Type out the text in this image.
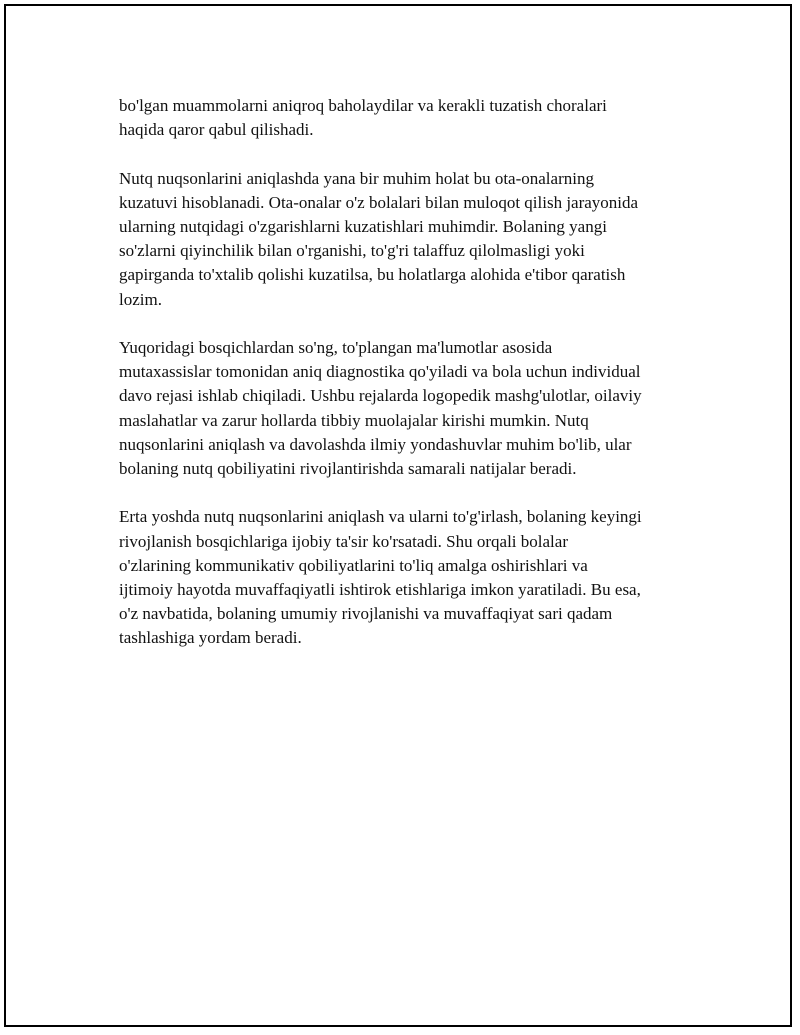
bo'lgan muammolarni aniqroq baholaydilar va kerakli tuzatish choralari
haqida qaror qabul qilishadi.

Nutq nuqsonlarini aniqlashda yana bir muhim holat bu ota-onalarning
kuzatuvi hisoblanadi. Ota-onalar o'z bolalari bilan muloqot qilish jarayonida
ularning nutqidagi o'zgarishlarni kuzatishlari muhimdir. Bolaning yangi
so'zlarni qiyinchilik bilan o'rganishi, to'g'ri talaffuz qilolmasligi yoki
gapirganda to'xtalib qolishi kuzatilsa, bu holatlarga alohida e'tibor qaratish
lozim.

Yuqoridagi bosqichlardan so'ng, to'plangan ma'lumotlar asosida
mutaxassislar tomonidan aniq diagnostika qo'yiladi va bola uchun individual
davo rejasi ishlab chiqiladi. Ushbu rejalarda logopedik mashg'ulotlar, oilaviy
maslahatlar va zarur hollarda tibbiy muolajalar kirishi mumkin. Nutq
nuqsonlarini aniqlash va davolashda ilmiy yondashuvlar muhim bo'lib, ular
bolaning nutq qobiliyatini rivojlantirishda samarali natijalar beradi.

Erta yoshda nutq nuqsonlarini aniqlash va ularni to'g'irlash, bolaning keyingi
rivojlanish bosqichlariga ijobiy ta'sir ko'rsatadi. Shu orqali bolalar
o'zlarining kommunikativ qobiliyatlarini to'liq amalga oshirishlari va
ijtimoiy hayotda muvaffaqiyatli ishtirok etishlariga imkon yaratiladi. Bu esa,
o'z navbatida, bolaning umumiy rivojlanishi va muvaffaqiyat sari qadam
tashlashiga yordam beradi.
